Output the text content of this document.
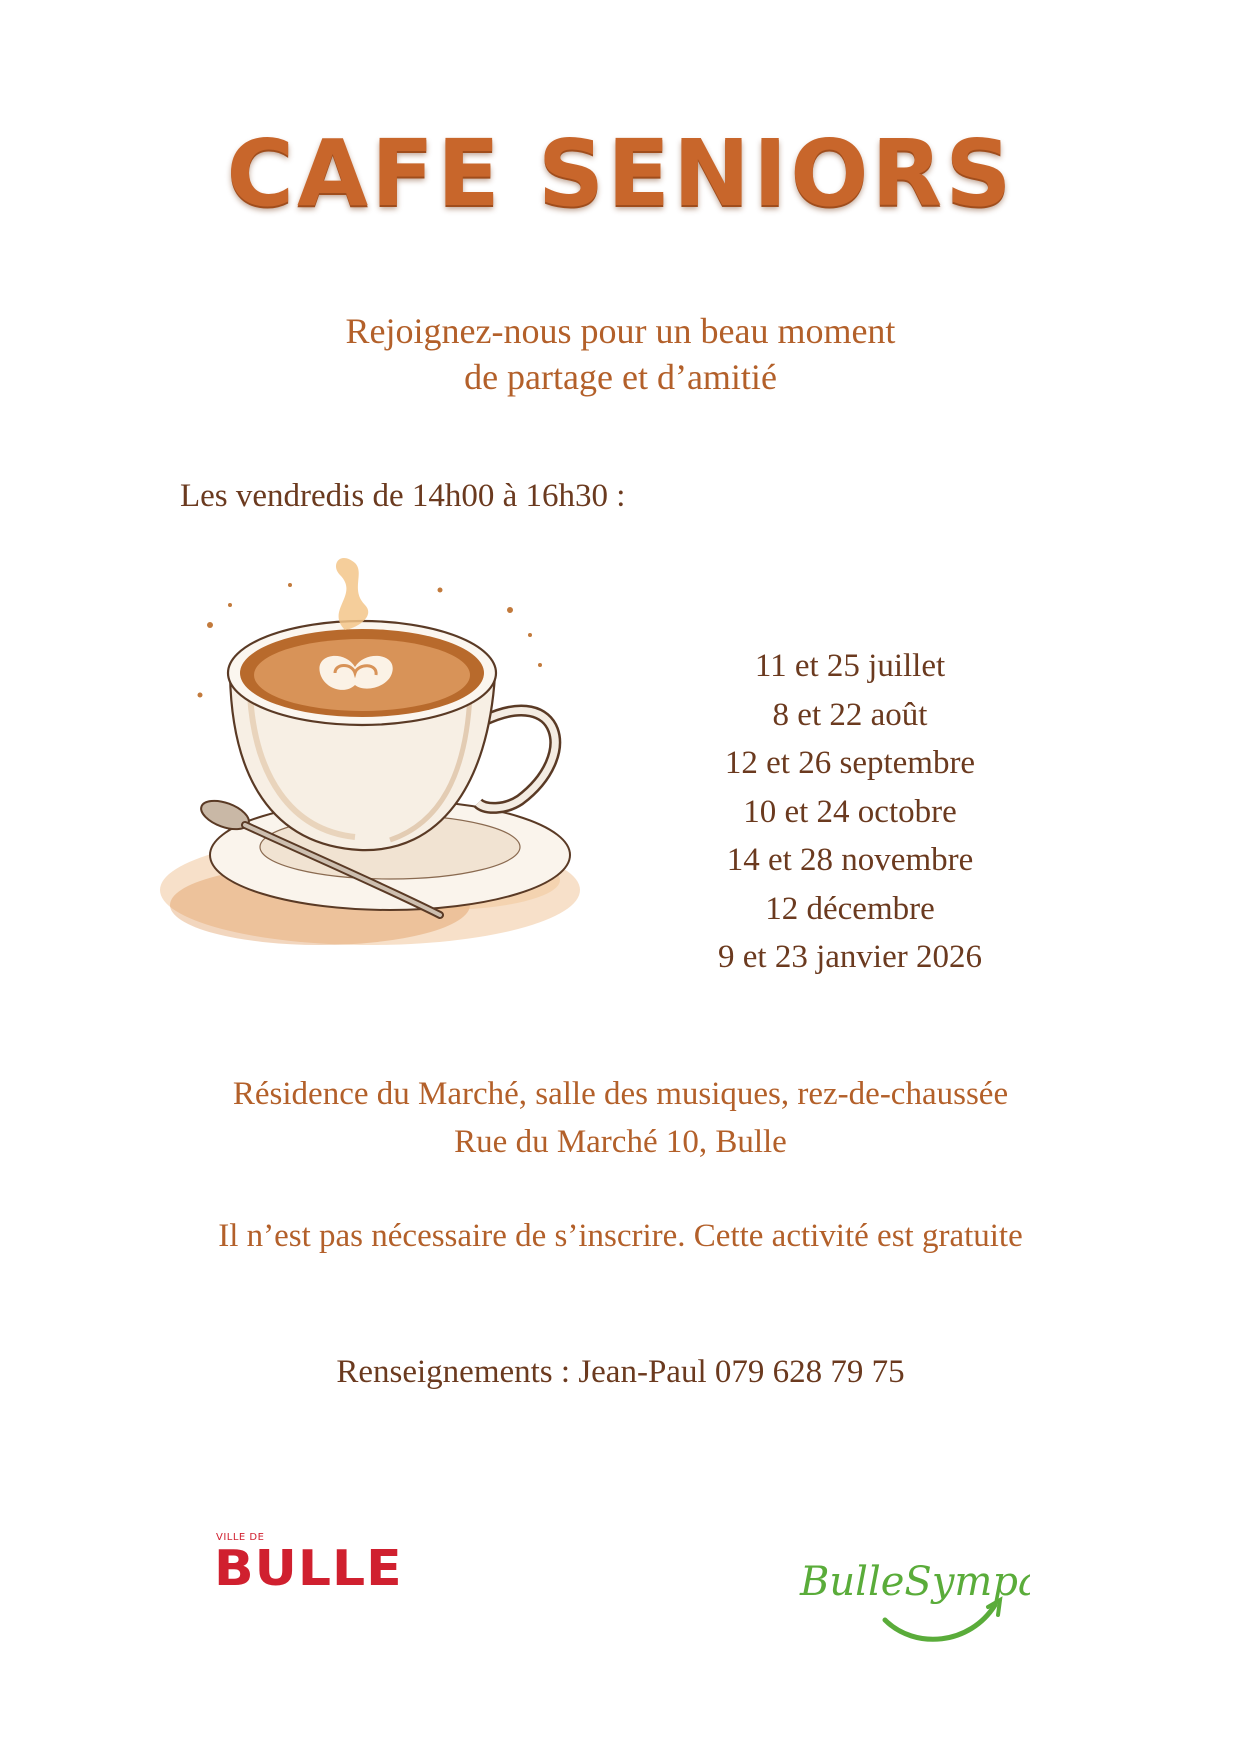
CAFE SENIORS
Rejoignez-nous pour un beau moment
de partage et d’amitié
Les vendredis de 14h00 à 16h30 :
11 et 25 juillet
8 et 22 août
12 et 26 septembre
10 et 24 octobre
14 et 28 novembre
12 décembre
9 et 23 janvier 2026
Résidence du Marché, salle des musiques, rez-de-chaussée
Rue du Marché 10, Bulle
Il n’est pas nécessaire de s’inscrire. Cette activité est gratuite
Renseignements : Jean-Paul 079 628 79 75
VILLE DE
BULLE	BulleSympa
